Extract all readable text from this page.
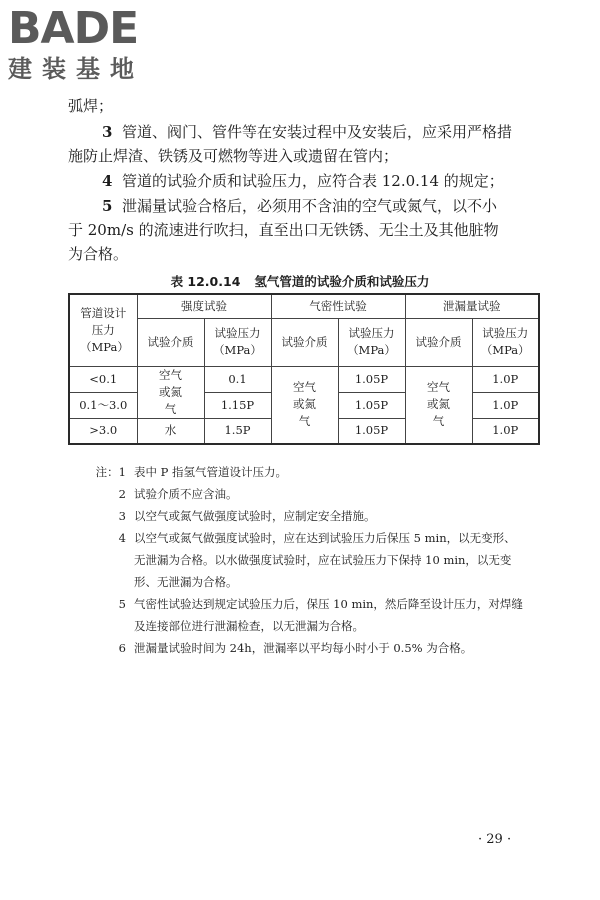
BADE
建装基地
弧焊；
3 管道、阀门、管件等在安装过程中及安装后，应采用严格措
施防止焊渣、铁锈及可燃物等进入或遗留在管内；
4 管道的试验介质和试验压力，应符合表 12.0.14 的规定；
5 泄漏量试验合格后，必须用不含油的空气或氮气，以不小
于 20m/s 的流速进行吹扫，直至出口无铁锈、无尘土及其他脏物
为合格。
表 12.0.14 氢气管道的试验介质和试验压力
管道设计压力（MPa）	强度试验		气密性试验		泄漏量试验	
	试验介质	试验压力（MPa）	试验介质	试验压力（MPa）	试验介质	试验压力（MPa）
<0.1	空气或氮气	0.1	空气或氮气	1.05P	空气或氮气	1.0P
0.1～3.0		1.15P		1.05P		1.0P
>3.0	水	1.5P		1.05P		1.0P
注：1 表中 P 指氢气管道设计压力。
2 试验介质不应含油。
3 以空气或氮气做强度试验时，应制定安全措施。
4 以空气或氮气做强度试验时，应在达到试验压力后保压 5 min，以无变形、
无泄漏为合格。以水做强度试验时，应在试验压力下保持 10 min，以无变
形、无泄漏为合格。
5 气密性试验达到规定试验压力后，保压 10 min，然后降至设计压力，对焊缝
及连接部位进行泄漏检查，以无泄漏为合格。
6 泄漏量试验时间为 24h，泄漏率以平均每小时小于 0.5% 为合格。
· 29 ·
